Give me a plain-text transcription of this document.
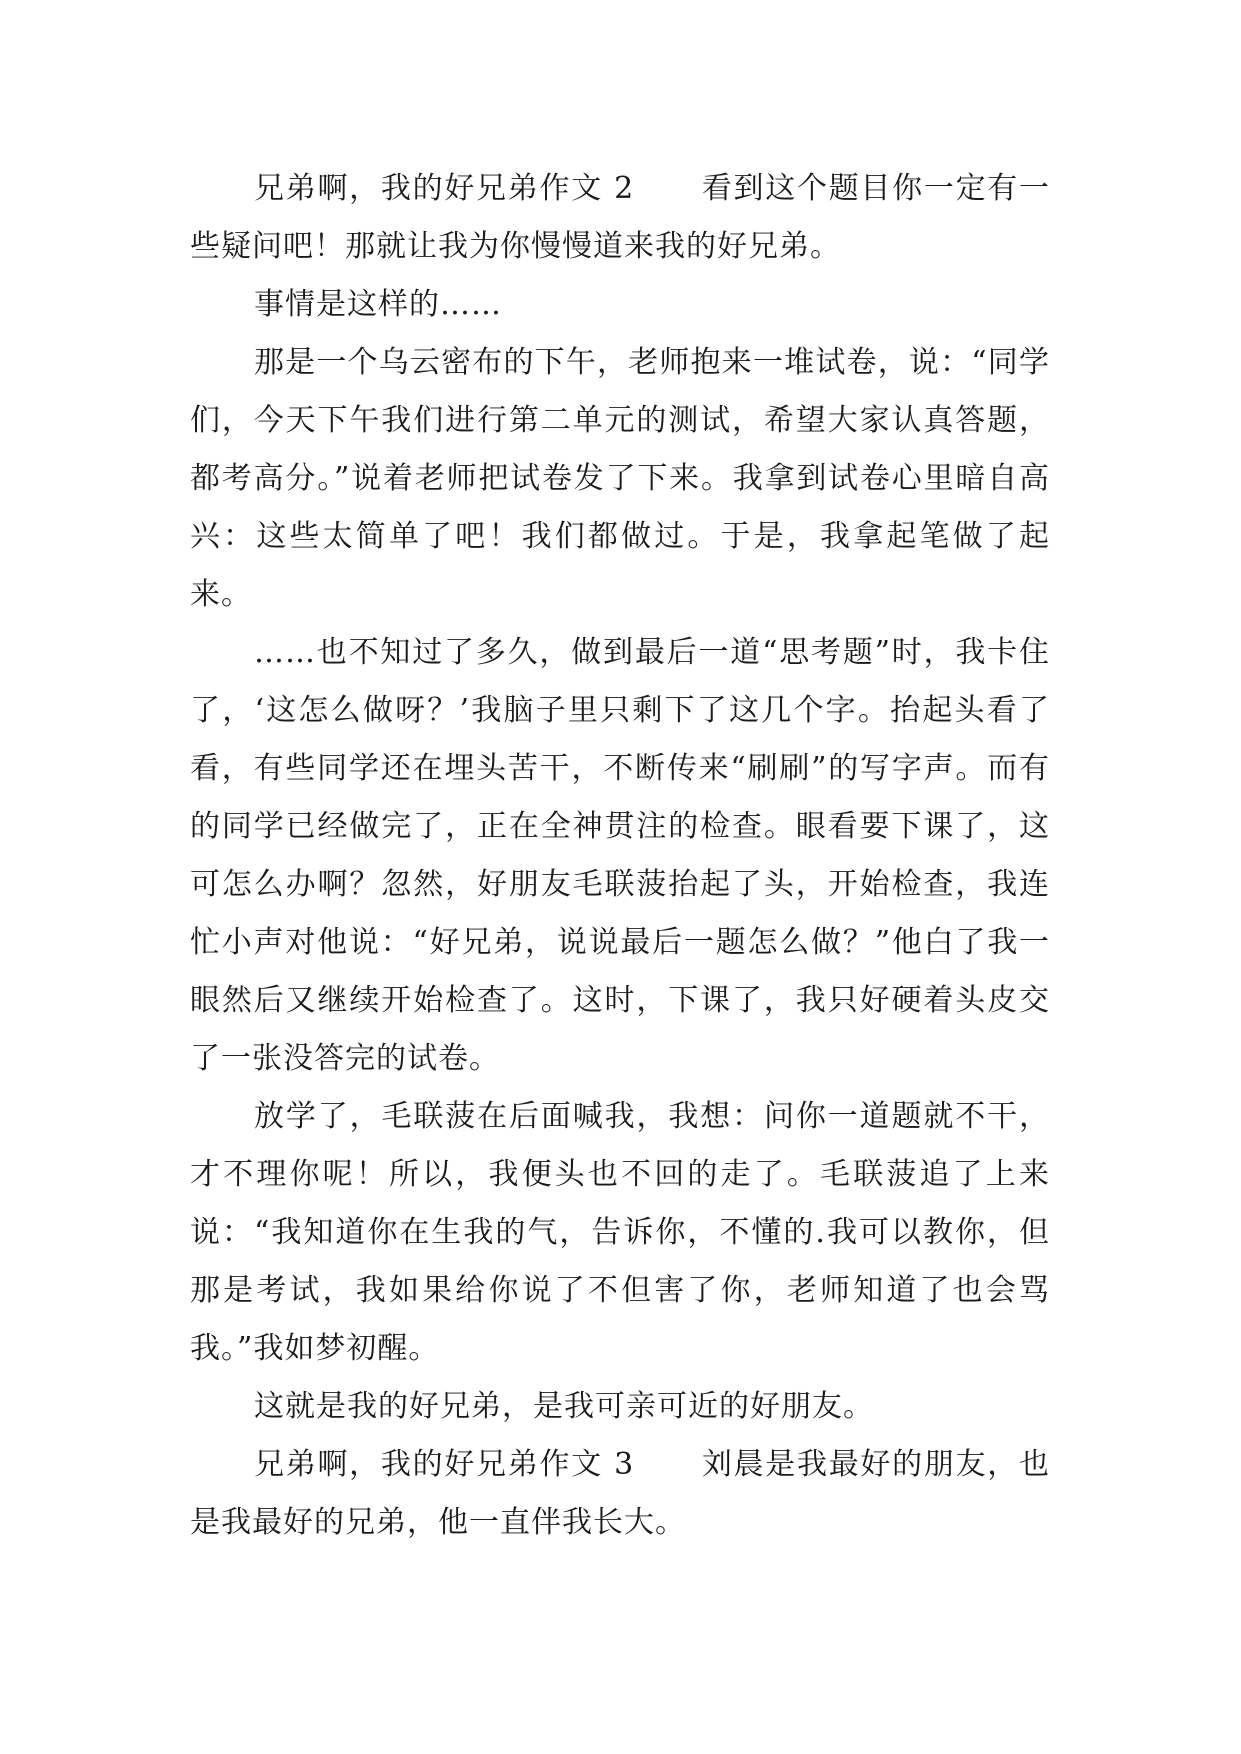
兄弟啊，我的好兄弟作文 2 看到这个题目你一定有一些疑问吧！那就让我为你慢慢道来我的好兄弟。

事情是这样的……

那是一个乌云密布的下午，老师抱来一堆试卷，说：“同学们，今天下午我们进行第二单元的测试，希望大家认真答题，都考高分。”说着老师把试卷发了下来。我拿到试卷心里暗自高兴：这些太简单了吧！我们都做过。于是，我拿起笔做了起来。

……也不知过了多久，做到最后一道“思考题”时，我卡住了，‘这怎么做呀？’我脑子里只剩下了这几个字。抬起头看了看，有些同学还在埋头苦干，不断传来“刷刷”的写字声。而有的同学已经做完了，正在全神贯注的检查。眼看要下课了，这可怎么办啊？忽然，好朋友毛联菠抬起了头，开始检查，我连忙小声对他说：“好兄弟，说说最后一题怎么做？”他白了我一眼然后又继续开始检查了。这时，下课了，我只好硬着头皮交了一张没答完的试卷。

放学了，毛联菠在后面喊我，我想：问你一道题就不干，才不理你呢！所以，我便头也不回的走了。毛联菠追了上来说：“我知道你在生我的气，告诉你，不懂的.我可以教你，但那是考试，我如果给你说了不但害了你，老师知道了也会骂我。”我如梦初醒。

这就是我的好兄弟，是我可亲可近的好朋友。

兄弟啊，我的好兄弟作文 3 刘晨是我最好的朋友，也是我最好的兄弟，他一直伴我长大。
